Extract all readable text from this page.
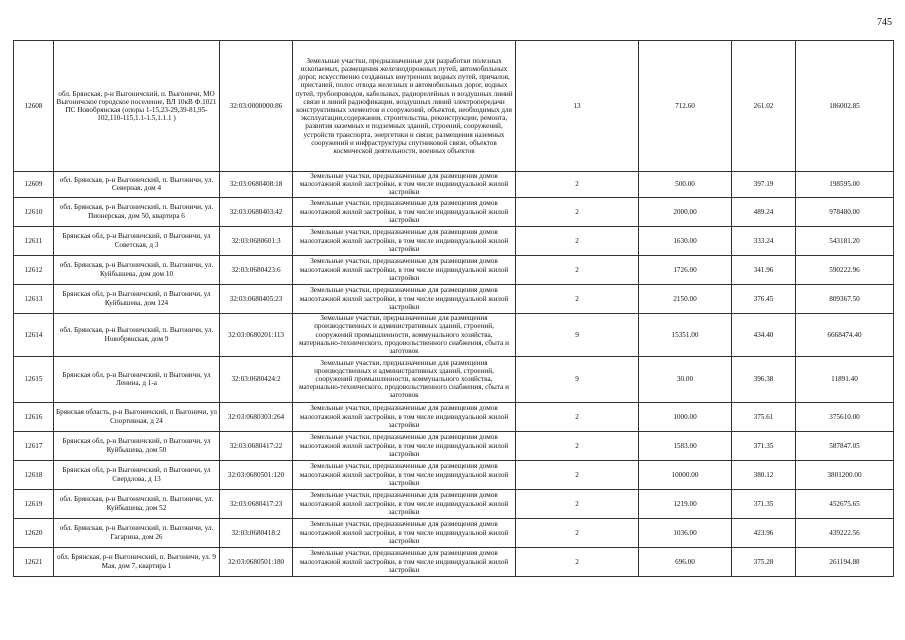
745
12608	обл. Брянская, р-н Выгоничский, п. Выгоничи, МО Выгоничское городское поселение, ВЛ 10кВ Ф.1021 ПС Новобрянская (опоры 1-15,23-29,39-81,95-102,110-115,1.1-1.5,1.1.1 )	32:03:0000000:86	Земельные участки, предназначенные для разработки полезных ископаемых, размещения железнодорожных путей, автомобильных дорог, искусственно созданных внутренних водных путей, причалов, пристаней, полос отвода железных и автомобильных дорог, водных путей, трубопроводов, кабельных, радиорелейных и воздушных линий связи и линий радиофикации, воздушных линий электропередачи конструктивных элементов и сооружений, объектов, необходимых для эксплуатации,содержания, строительства, реконструкции, ремонта, развития наземных и подземных зданий, строений, сооружений, устройств транспорта, энергетики и связи; размещения наземных сооружений и инфраструктуры спутниковой связи, объектов космической деятельности, военных объектов	13	712.60	261.02	186002.85
12609	обл. Брянская, р-н Выгоничский, п. Выгоничи, ул. Северная, дом 4	32:03:0680408:18	Земельные участки, предназначенные для размещения домов малоэтажной жилой застройки, в том числе индивидуальной жилой застройки	2	500.00	397.19	198595.00
12610	обл. Брянская, р-н Выгоничский, п. Выгоничи, ул. Пионерская, дом 50, квартира 6	32:03:0680403:42	Земельные участки, предназначенные для размещения домов малоэтажной жилой застройки, в том числе индивидуальной жилой застройки	2	2000.00	489.24	978480.00
12611	Брянская обл, р-н Выгоничский, п Выгоничи, ул Советская, д 3	32:03:0680601:3	Земельные участки, предназначенные для размещения домов малоэтажной жилой застройки, в том числе индивидуальной жилой застройки	2	1630.00	333.24	543181.20
12612	обл. Брянская, р-н Выгоничский, п. Выгоничи, ул. Куйбышева, дом дом 10	32:03:0680423:6	Земельные участки, предназначенные для размещения домов малоэтажной жилой застройки, в том числе индивидуальной жилой застройки	2	1726.00	341.96	590222.96
12613	Брянская обл, р-н Выгоничский, п Выгоничи, ул Куйбышева, дом 124	32:03:0680405:23	Земельные участки, предназначенные для размещения домов малоэтажной жилой застройки, в том числе индивидуальной жилой застройки	2	2150.00	376.45	809367.50
12614	обл. Брянская, р-н Выгоничский, п. Выгоничи, ул. Новобрянская, дом 9	32:03:0680201:113	Земельные участки, предназначенные для размещения производственных и административных зданий, строений, сооружений промышленности, коммунального хозяйства, материально-технического, продовольственного снабжения, сбыта и заготовок	9	15351.00	434.40	6668474.40
12615	Брянская обл, р-н Выгоничский, п Выгоничи, ул Ленина, д 1-а	32:03:0680424:2	Земельные участки, предназначенные для размещения производственных и административных зданий, строений, сооружений промышленности, коммунального хозяйства, материально-технического, продовольственного снабжения, сбыта и заготовок	9	30.00	396.38	11891.40
12616	Брянская область, р-н Выгоничский, п Выгоничи, ул Спортивная, д 24	32:03:0680303:264	Земельные участки, предназначенные для размещения домов малоэтажной жилой застройки, в том числе индивидуальной жилой застройки	2	1000.00	375.61	375610.00
12617	Брянская обл, р-н Выгоничский, п Выгоничи, ул Куйбышева, дом 50	32:03:0680417:22	Земельные участки, предназначенные для размещения домов малоэтажной жилой застройки, в том числе индивидуальной жилой застройки	2	1583.00	371.35	587847.05
12618	Брянская обл, р-н Выгоничский, п Выгоничи, ул Свердлова, д 13	32:03:0680501:120	Земельные участки, предназначенные для размещения домов малоэтажной жилой застройки, в том числе индивидуальной жилой застройки	2	10000.00	380.12	3801200.00
12619	обл. Брянская, р-н Выгоничский, п. Выгоничи, ул. Куйбышева, дом 52	32:03:0680417:23	Земельные участки, предназначенные для размещения домов малоэтажной жилой застройки, в том числе индивидуальной жилой застройки	2	1219.00	371.35	452675.65
12620	обл. Брянская, р-н Выгоничский, п. Выгоничи, ул. Гагарина, дом 26	32:03:0680418:2	Земельные участки, предназначенные для размещения домов малоэтажной жилой застройки, в том числе индивидуальной жилой застройки	2	1036.00	423.96	439222.56
12621	обл. Брянская, р-н Выгоничский, п. Выгоничи, ул. 9 Мая, дом 7, квартира 1	32:03:0680501:180	Земельные участки, предназначенные для размещения домов малоэтажной жилой застройки, в том числе индивидуальной жилой застройки	2	696.00	375.28	261194.88
